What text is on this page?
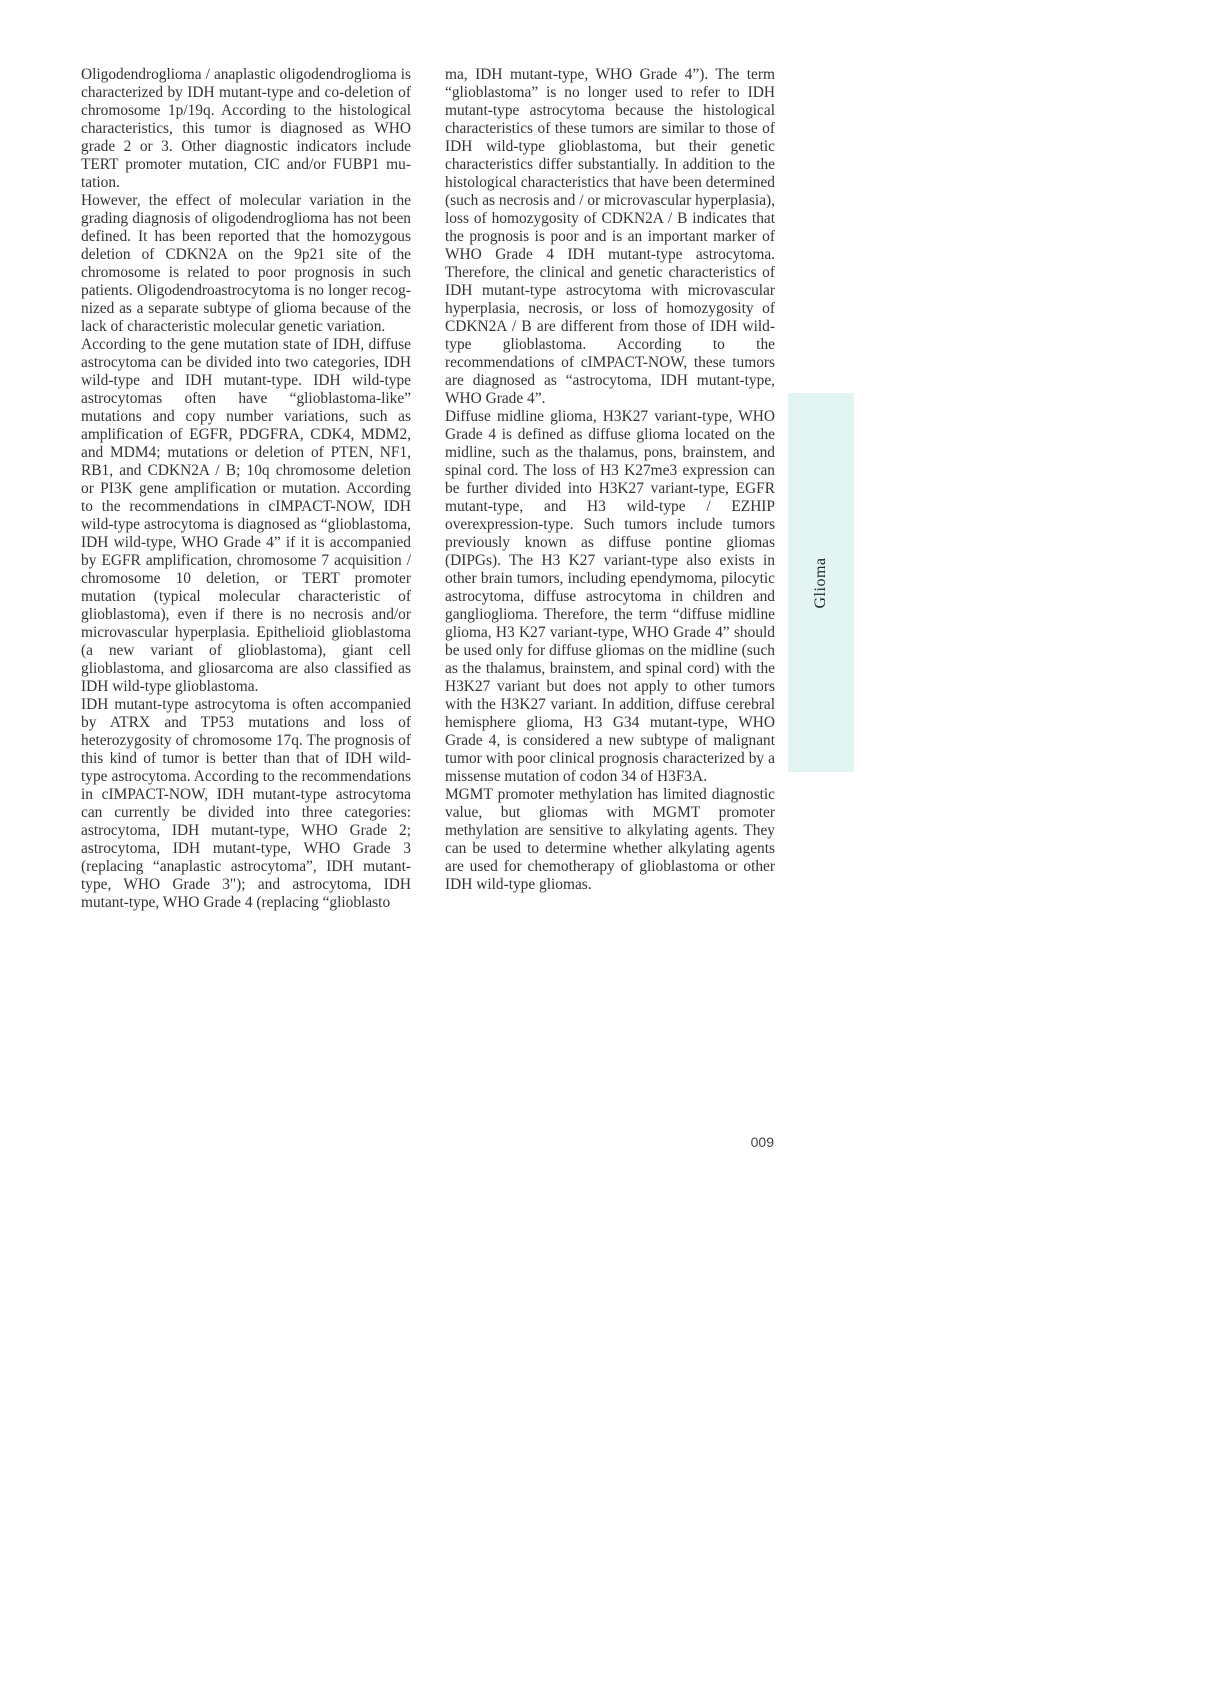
Oligodendroglioma / anaplastic oligodendroglioma is characterized by IDH mutant-type and co-deletion of chromosome 1p/19q. According to the histological characteristics, this tumor is diagnosed as WHO grade 2 or 3. Other diagnostic indicators include TERT promoter mutation, CIC and/or FUBP1 mutation.

However, the effect of molecular variation in the grading diagnosis of oligodendroglioma has not been defined. It has been reported that the homozygous deletion of CDKN2A on the 9p21 site of the chromosome is related to poor prognosis in such patients. Oligodendroastrocytoma is no longer recognized as a separate subtype of glioma because of the lack of characteristic molecular genetic variation.

According to the gene mutation state of IDH, diffuse astrocytoma can be divided into two categories, IDH wild-type and IDH mutant-type. IDH wild-type astrocytomas often have “glioblastoma-like” mutations and copy number variations, such as amplification of EGFR, PDGFRA, CDK4, MDM2, and MDM4; mutations or deletion of PTEN, NF1, RB1, and CDKN2A / B; 10q chromosome deletion or PI3K gene amplification or mutation. According to the recommendations in cIMPACT-NOW, IDH wild-type astrocytoma is diagnosed as “glioblastoma, IDH wild-type, WHO Grade 4” if it is accompanied by EGFR amplification, chromosome 7 acquisition / chromosome 10 deletion, or TERT promoter mutation (typical molecular characteristic of glioblastoma), even if there is no necrosis and/or microvascular hyperplasia. Epithelioid glioblastoma (a new variant of glioblastoma), giant cell glioblastoma, and gliosarcoma are also classified as IDH wild-type glioblastoma.

IDH mutant-type astrocytoma is often accompanied by ATRX and TP53 mutations and loss of heterozygosity of chromosome 17q. The prognosis of this kind of tumor is better than that of IDH wild-type astrocytoma. According to the recommendations in cIMPACT-NOW, IDH mutant-type astrocytoma can currently be divided into three categories: astrocytoma, IDH mutant-type, WHO Grade 2; astrocytoma, IDH mutant-type, WHO Grade 3 (replacing “anaplastic astrocytoma”, IDH mutant-type, WHO Grade 3"); and astrocytoma, IDH mutant-type, WHO Grade 4 (replacing “glioblasto

ma, IDH mutant-type, WHO Grade 4”). The term “glioblastoma” is no longer used to refer to IDH mutant-type astrocytoma because the histological characteristics of these tumors are similar to those of IDH wild-type glioblastoma, but their genetic characteristics differ substantially. In addition to the histological characteristics that have been determined (such as necrosis and / or microvascular hyperplasia), loss of homozygosity of CDKN2A / B indicates that the prognosis is poor and is an important marker of WHO Grade 4 IDH mutant-type astrocytoma. Therefore, the clinical and genetic characteristics of IDH mutant-type astrocytoma with microvascular hyperplasia, necrosis, or loss of homozygosity of CDKN2A / B are different from those of IDH wild-type glioblastoma. According to the recommendations of cIMPACT-NOW, these tumors are diagnosed as “astrocytoma, IDH mutant-type, WHO Grade 4”.

Diffuse midline glioma, H3K27 variant-type, WHO Grade 4 is defined as diffuse glioma located on the midline, such as the thalamus, pons, brainstem, and spinal cord. The loss of H3 K27me3 expression can be further divided into H3K27 variant-type, EGFR mutant-type, and H3 wild-type / EZHIP overexpression-type. Such tumors include tumors previously known as diffuse pontine gliomas (DIPGs). The H3 K27 variant-type also exists in other brain tumors, including ependymoma, pilocytic astrocytoma, diffuse astrocytoma in children and ganglioglioma. Therefore, the term “diffuse midline glioma, H3 K27 variant-type, WHO Grade 4” should be used only for diffuse gliomas on the midline (such as the thalamus, brainstem, and spinal cord) with the H3K27 variant but does not apply to other tumors with the H3K27 variant. In addition, diffuse cerebral hemisphere glioma, H3 G34 mutant-type, WHO Grade 4, is considered a new subtype of malignant tumor with poor clinical prognosis characterized by a missense mutation of codon 34 of H3F3A.

MGMT promoter methylation has limited diagnostic value, but gliomas with MGMT promoter methylation are sensitive to alkylating agents. They can be used to determine whether alkylating agents are used for chemotherapy of glioblastoma or other IDH wild-type gliomas.

Glioma
009
